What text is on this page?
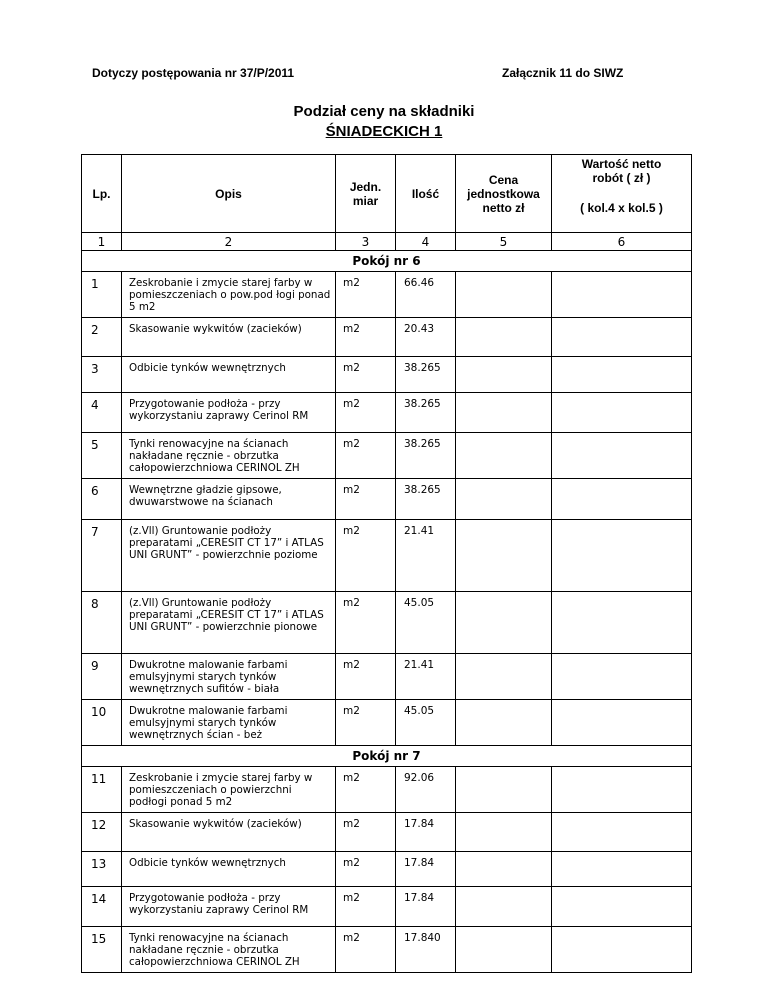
Dotyczy postępowania nr 37/P/2011	Załącznik 11 do SIWZ
Podział ceny na składniki
ŚNIADECKICH 1
Lp.	Opis	Jedn. miar	Ilość	Cena jednostkowa netto zł	Wartość netto robót ( zł )
( kol.4 x kol.5 )

1	2	3	4	5	6
Pokój nr 6					
1	Zeskrobanie i zmycie starej farby w pomieszczeniach o pow.pod łogi ponad 5 m2	m2	66.46		
2	Skasowanie wykwitów (zacieków)	m2	20.43		
3	Odbicie tynków wewnętrznych	m2	38.265		
4	Przygotowanie podłoża - przy wykorzystaniu zaprawy Cerinol RM	m2	38.265		
5	Tynki renowacyjne na ścianach nakładane ręcznie - obrzutka całopowierzchniowa CERINOL ZH	m2	38.265		
6	Wewnętrzne gładzie gipsowe, dwuwarstwowe na ścianach	m2	38.265		
7	(z.Vll) Gruntowanie podłoży preparatami „CERESIT CT 17” i ATLAS UNI GRUNT” - powierzchnie poziome	m2	21.41		
8	(z.Vll) Gruntowanie podłoży preparatami „CERESIT CT 17” i ATLAS UNI GRUNT” - powierzchnie pionowe	m2	45.05		
9	Dwukrotne malowanie farbami emulsyjnymi starych tynków wewnętrznych sufitów - biała	m2	21.41		
10	Dwukrotne malowanie farbami emulsyjnymi starych tynków wewnętrznych ścian - beż	m2	45.05		
Pokój nr 7					
11	Zeskrobanie i zmycie starej farby w pomieszczeniach o powierzchni podłogi ponad 5 m2	m2	92.06		
12	Skasowanie wykwitów (zacieków)	m2	17.84		
13	Odbicie tynków wewnętrznych	m2	17.84		
14	Przygotowanie podłoża - przy wykorzystaniu zaprawy Cerinol RM	m2	17.84		
15	Tynki renowacyjne na ścianach nakładane ręcznie - obrzutka całopowierzchniowa CERINOL ZH	m2	17.840		
